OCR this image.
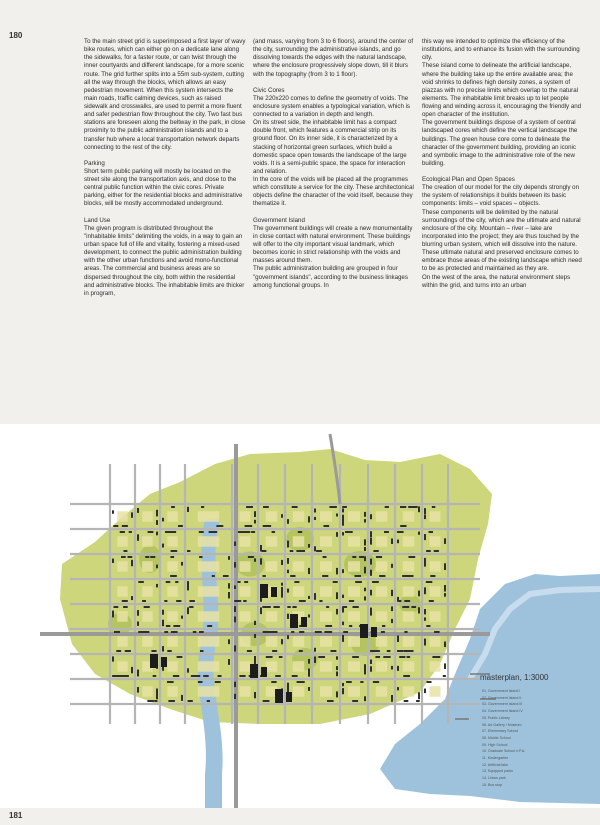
180

To the main street grid is superimposed a first layer of wavy bike routes, which can either go on a dedicate lane along the sidewalks, for a faster route, or can twist through the inner courtyards and different landscape, for a more scenic route. The grid further splits into a 55m sub-system, cutting all the way through the blocks, which allows an easy pedestrian movement. When this system intersects the main roads, traffic calming devices, such as raised sidewalk and crosswalks, are used to permit a more fluent and safer pedestrian flow throughout the city. Two fast bus stations are foreseen along the beltway in the park, in close proximity to the public administration islands and to a transfer hub where a local transportation network departs connecting to the rest of the city.

Parking

Short term public parking will mostly be located on the street site along the transportation axis, and close to the central public function within the civic cores. Private parking, either for the residential blocks and administrative blocks, will be mostly accommodated underground.

Land Use

The given program is distributed throughout the "inhabitable limits" delimiting the voids, in a way to gain an urban space full of life and vitality, fostering a mixed-used development, to connect the public administration building with the other urban functions and avoid mono-functional areas. The commercial and business areas are so dispersed throughout the city, both within the residential and administrative blocks. The inhabitable limits are thicker in program,

(and mass, varying from 3 to 6 floors), around the center of the city, surrounding the administrative islands, and go dissolving towards the edges with the natural landscape, where the enclosure progressively slope down, till it blurs with the topography (from 3 to 1 floor).

Civic Cores

The 220x220 comes to define the geometry of voids. The enclosure system enables a typological variation, which is connected to a variation in depth and length.

On its street side, the inhabitable limit has a compact double front, which features a commercial strip on its ground floor. On its inner side, it is characterized by a stacking of horizontal green surfaces, which build a domestic space open towards the landscape of the large voids. It is a semi-public space, the space for interaction and relation.

In the core of the voids will be placed all the programmes which constitute a service for the city. These architectonical objects define the character of the void itself, because they thematize it.

Government Island

The government buildings will create a new monumentality in close contact with natural environment. These buildings will offer to the city important visual landmark, which becomes iconic in strict relationship with the voids and masses around them.

The public administration building are grouped in four "government islands", according to the business linkages among functional groups. In

this way we intended to optimize the efficiency of the institutions, and to enhance its fusion with the surrounding city.

These island come to delineate the artificial landscape, where the building take up the entire available area; the void shrinks to defines high density zones, a system of piazzas with no precise limits which overlap to the natural elements. The inhabitable limit breaks up to let people flowing and winding across it, encouraging the friendly and open character of the institution.

The government buildings dispose of a system of central landscaped cores which define the vertical landscape the buildings. The green house core come to delineate the character of the government building, providing an iconic and symbolic image to the administrative role of the new building.

Ecological Plan and Open Spaces

The creation of our model for the city depends strongly on the system of relationships it builds between its basic components: limits – void spaces – objects.

These components will be delimited by the natural surroundings of the city, which are the ultimate and natural enclosure of the city. Mountain – river – lake are incorporated into the project; they are thus touched by the blurring urban system, which will dissolve into the nature.

These ultimate natural and preserved enclosure comes to embrace those areas of the existing landscape which need to be as protected and maintained as they are.

On the west of the area, the natural environment steps within the grid, and turns into an urban

masterplan, 1:3000
01. Government Island I
02. Government Island II
03. Government Island III
04. Government Island IV
05. Public Library
06. Art Gallery / Museum
07. Elementary School
08. Middle School
09. High School
10. Graduate School n.P.A.
11. Kindergarten
12. Artificial lake
13. Equipped parks
14. Urban park
15. Bus stop
181
